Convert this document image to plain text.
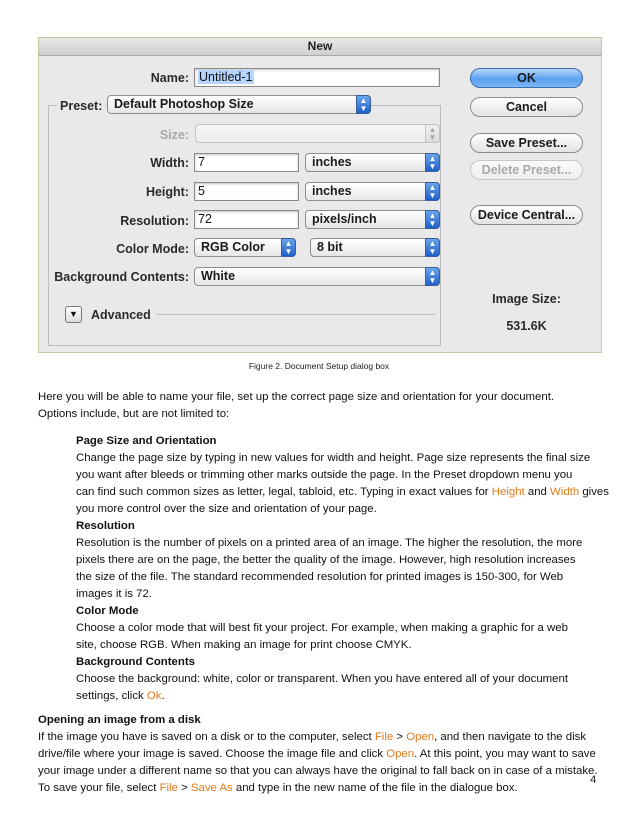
New
Name: Untitled-1
Preset: Default Photoshop Size	▲
▼
Size:	▲
▼
Width: 7	inches	▲
▼
Height: 5	inches	▲
▼
Resolution: 72	pixels/inch	▲
▼
Color Mode: RGB Color	▲
▼	8 bit	▲
▼
Background Contents: White	▲
▼
▼	Advanced
OK
Cancel
Save Preset...
Delete Preset...
Device Central...
Image Size:
531.6K
Figure 2. Document Setup dialog box
Here you will be able to name your file, set up the correct page size and orientation for your document.
Options include, but are not limited to:
Page Size and Orientation
Change the page size by typing in new values for width and height. Page size represents the final size
you want after bleeds or trimming other marks outside the page. In the Preset dropdown menu you
can find such common sizes as letter, legal, tabloid, etc. Typing in exact values for Height and Width gives
you more control over the size and orientation of your page.
Resolution
Resolution is the number of pixels on a printed area of an image. The higher the resolution, the more
pixels there are on the page, the better the quality of the image. However, high resolution increases
the size of the file. The standard recommended resolution for printed images is 150-300, for Web
images it is 72.
Color Mode
Choose a color mode that will best fit your project. For example, when making a graphic for a web
site, choose RGB. When making an image for print choose CMYK.
Background Contents
Choose the background: white, color or transparent. When you have entered all of your document
settings, click Ok.
Opening an image from a disk
If the image you have is saved on a disk or to the computer, select File > Open, and then navigate to the disk
drive/file where your image is saved. Choose the image file and click Open. At this point, you may want to save
your image under a different name so that you can always have the original to fall back on in case of a mistake.
To save your file, select File > Save As and type in the new name of the file in the dialogue box.
4
